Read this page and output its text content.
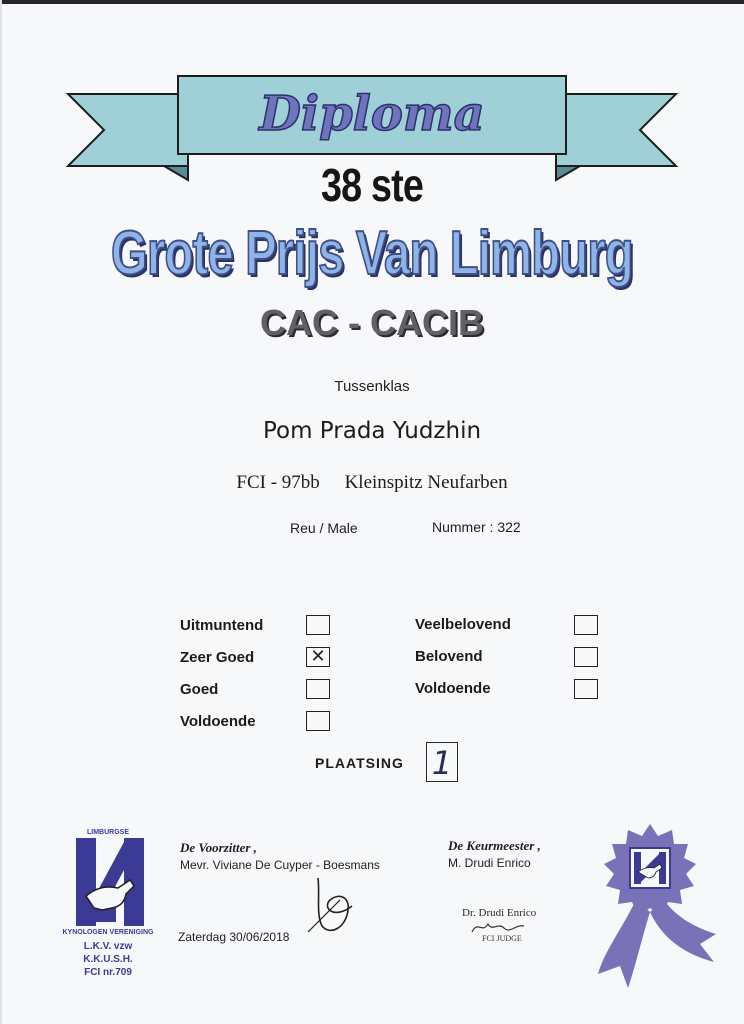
Diploma
38 ste
Grote Prijs Van Limburg
CAC - CACIB
Tussenklas
Pom Prada Yudzhin
FCI - 97bb Kleinspitz Neufarben
Reu / Male	Nummer : 322
Uitmuntend
Zeer Goed	✕
Goed
Voldoende
Veelbelovend
Belovend
Voldoende
PLAATSING 1
LIMBURGSE
KYNOLOGEN VERENIGING
L.K.V. vzw
K.K.U.S.H.
FCI nr.709
De Voorzitter ,
Mevr. Viviane De Cuyper - Boesmans
Zaterdag 30/06/2018
De Keurmeester ,
M. Drudi Enrico
Dr. Drudi Enrico
FCI JUDGE
